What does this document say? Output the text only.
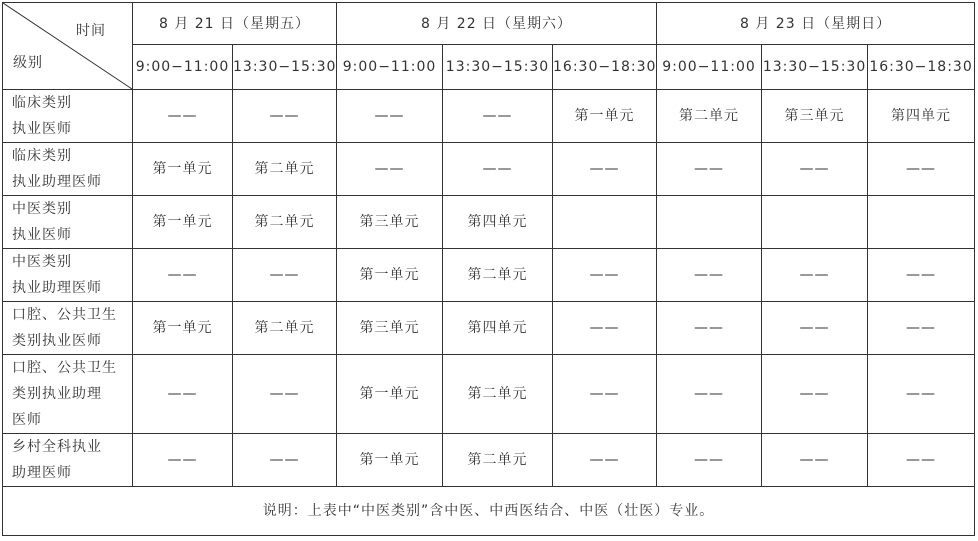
时间
级别	8 月 21 日（星期五）		8 月 22 日（星期六）			8 月 23 日（星期日）		
	9:00−11:00	13:30−15:30	9:00−11:00	13:30−15:30	16:30−18:30	9:00−11:00	13:30−15:30	16:30−18:30

临床类别
执业医师	——	——	——	——	第一单元	第二单元	第三单元	第四单元

临床类别
执业助理医师	第一单元	第二单元	——	——	——	——	——	——

中医类别
执业医师	第一单元	第二单元	第三单元	第四单元				

中医类别
执业助理医师	——	——	第一单元	第二单元	——	——	——	——

口腔、公共卫生
类别执业医师	第一单元	第二单元	第三单元	第四单元	——	——	——	——

口腔、公共卫生
类别执业助理
医师	——	——	第一单元	第二单元	——	——	——	——

乡村全科执业
助理医师	——	——	第一单元	第二单元	——	——	——	——
说明：上表中“中医类别”含中医、中西医结合、中医（壮医）专业。								
